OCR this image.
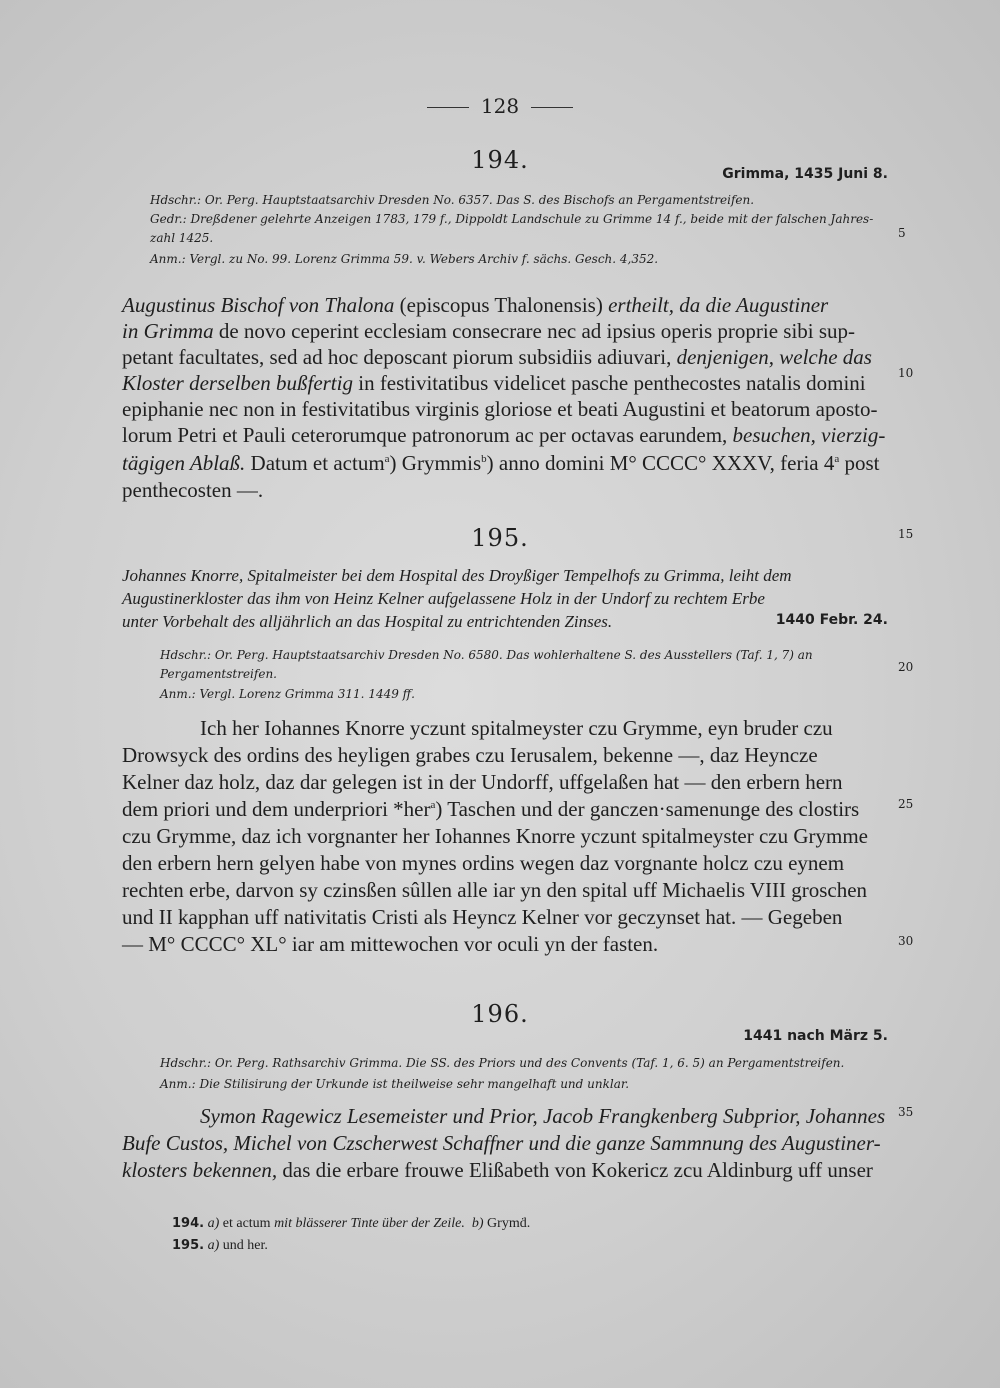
128
194.	Grimma, 1435 Juni 8.
Hdschr.: Or. Perg. Hauptstaatsarchiv Dresden No. 6357. Das S. des Bischofs an Pergamentstreifen.
Gedr.: Dreßdener gelehrte Anzeigen 1783, 179 f., Dippoldt Landschule zu Grimme 14 f., beide mit der falschen Jahres-
zahl 1425.
Anm.: Vergl. zu No. 99. Lorenz Grimma 59. v. Webers Archiv f. sächs. Gesch. 4,352.
Augustinus Bischof von Thalona (episcopus Thalonensis) ertheilt, da die Augustiner
in Grimma de novo ceperint ecclesiam consecrare nec ad ipsius operis proprie sibi sup-
petant facultates, sed ad hoc deposcant piorum subsidiis adiuvari, denjenigen, welche das
Kloster derselben bußfertig in festivitatibus videlicet pasche penthecostes natalis domini
epiphanie nec non in festivitatibus virginis gloriose et beati Augustini et beatorum aposto-
lorum Petri et Pauli ceterorumque patronorum ac per octavas earundem, besuchen, vierzig-
tägigen Ablaß. Datum et actum$^a$) Grymmis$^b$) anno domini M° CCCC° XXXV, feria 4$^a$ post
penthecosten —.
195.
Johannes Knorre, Spitalmeister bei dem Hospital des Droyßiger Tempelhofs zu Grimma, leiht dem
Augustinerkloster das ihm von Heinz Kelner aufgelassene Holz in der Undorf zu rechtem Erbe
unter Vorbehalt des alljährlich an das Hospital zu entrichtenden Zinses.	1440 Febr. 24.
Hdschr.: Or. Perg. Hauptstaatsarchiv Dresden No. 6580. Das wohlerhaltene S. des Ausstellers (Taf. 1, 7) an
Pergamentstreifen.
Anm.: Vergl. Lorenz Grimma 311. 1449 ff.
Ich her Iohannes Knorre yczunt spitalmeyster czu Grymme, eyn bruder czu
Drowsyck des ordins des heyligen grabes czu Ierusalem, bekenne —, daz Heyncze
Kelner daz holz, daz dar gelegen ist in der Undorff, uffgelaßen hat — den erbern hern
dem priori und dem underpriori *her$^a$) Taschen und der ganczen·samenunge des clostirs
czu Grymme, daz ich vorgnanter her Iohannes Knorre yczunt spitalmeyster czu Grymme
den erbern hern gelyen habe von mynes ordins wegen daz vorgnante holcz czu eynem
rechten erbe, darvon sy czinsßen sûllen alle iar yn den spital uff Michaelis VIII groschen
und II kapphan uff nativitatis Cristi als Heyncz Kelner vor geczynset hat. — Gegeben
— M° CCCC° XL° iar am mittewochen vor oculi yn der fasten.
196.
1441 nach März 5.
Hdschr.: Or. Perg. Rathsarchiv Grimma. Die SS. des Priors und des Convents (Taf. 1, 6. 5) an Pergamentstreifen.
Anm.: Die Stilisirung der Urkunde ist theilweise sehr mangelhaft und unklar.
Symon Ragewicz Lesemeister und Prior, Jacob Frangkenberg Subprior, Johannes
Bufe Custos, Michel von Czscherwest Schaffner und die ganze Sammnung des Augustiner-
klosters bekennen, das die erbare frouwe Elißabeth von Kokericz zcu Aldinburg uff unser
5
10
15
20
25
30
35
194. a) et actum mit blässerer Tinte über der Zeile. b) Grymḋ.
195. a) und her.
